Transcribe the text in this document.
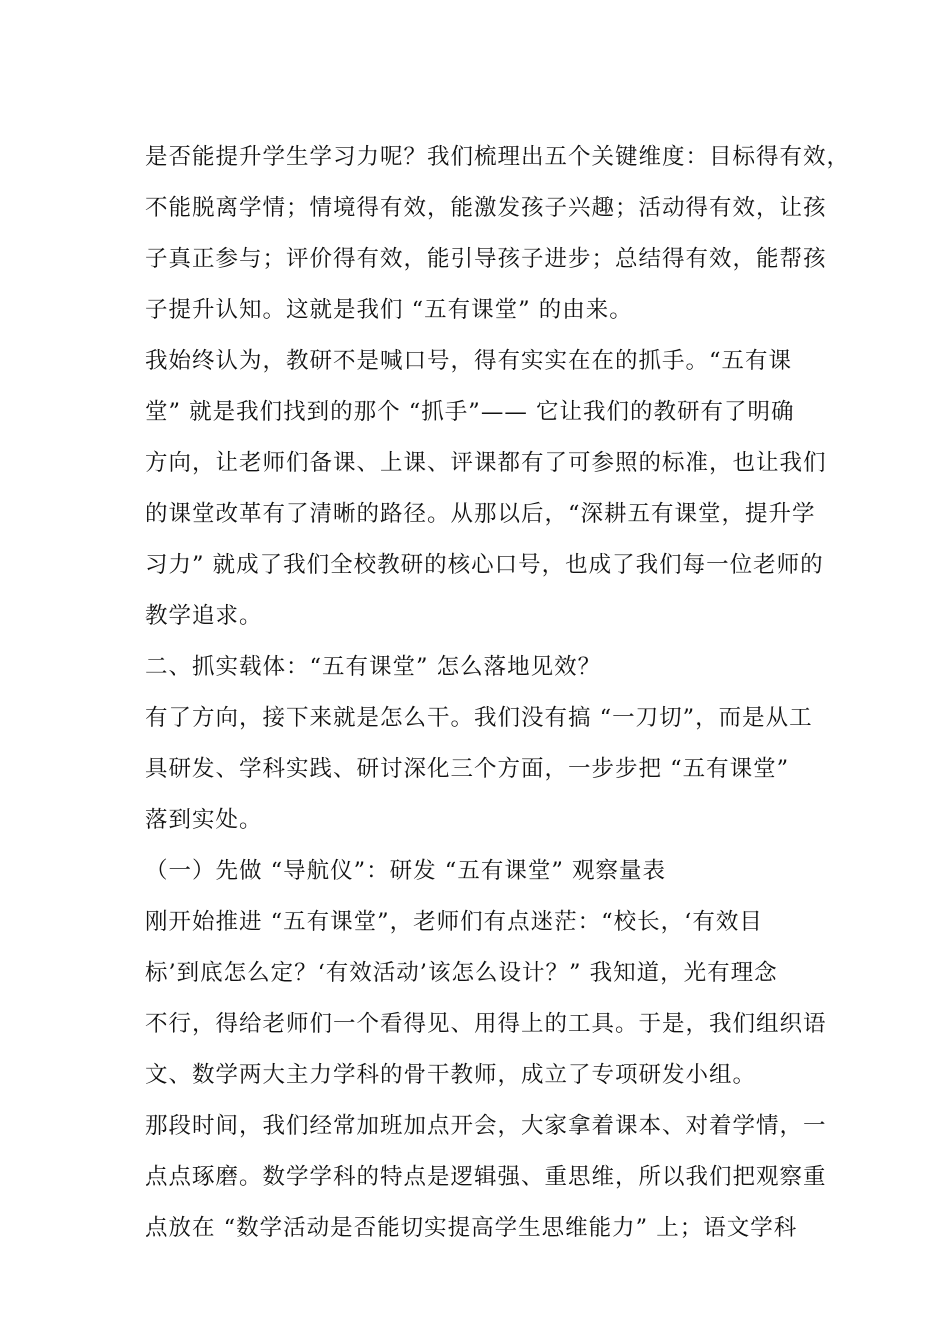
是否能提升学生学习力呢？我们梳理出五个关键维度：目标得有效，
不能脱离学情；情境得有效，能激发孩子兴趣；活动得有效，让孩
子真正参与；评价得有效，能引导孩子进步；总结得有效，能帮孩
子提升认知。这就是我们 “五有课堂” 的由来。
我始终认为，教研不是喊口号，得有实实在在的抓手。“五有课
堂” 就是我们找到的那个 “抓手”—— 它让我们的教研有了明确
方向，让老师们备课、上课、评课都有了可参照的标准，也让我们
的课堂改革有了清晰的路径。从那以后，“深耕五有课堂，提升学
习力” 就成了我们全校教研的核心口号，也成了我们每一位老师的
教学追求。
二、抓实载体：“五有课堂” 怎么落地见效？
有了方向，接下来就是怎么干。我们没有搞 “一刀切”，而是从工
具研发、学科实践、研讨深化三个方面，一步步把 “五有课堂”
落到实处。
（一）先做 “导航仪”：研发 “五有课堂” 观察量表
刚开始推进 “五有课堂”，老师们有点迷茫：“校长，‘有效目
标’到底怎么定？‘有效活动’该怎么设计？” 我知道，光有理念
不行，得给老师们一个看得见、用得上的工具。于是，我们组织语
文、数学两大主力学科的骨干教师，成立了专项研发小组。
那段时间，我们经常加班加点开会，大家拿着课本、对着学情，一
点点琢磨。数学学科的特点是逻辑强、重思维，所以我们把观察重
点放在 “数学活动是否能切实提高学生思维能力” 上；语文学科
